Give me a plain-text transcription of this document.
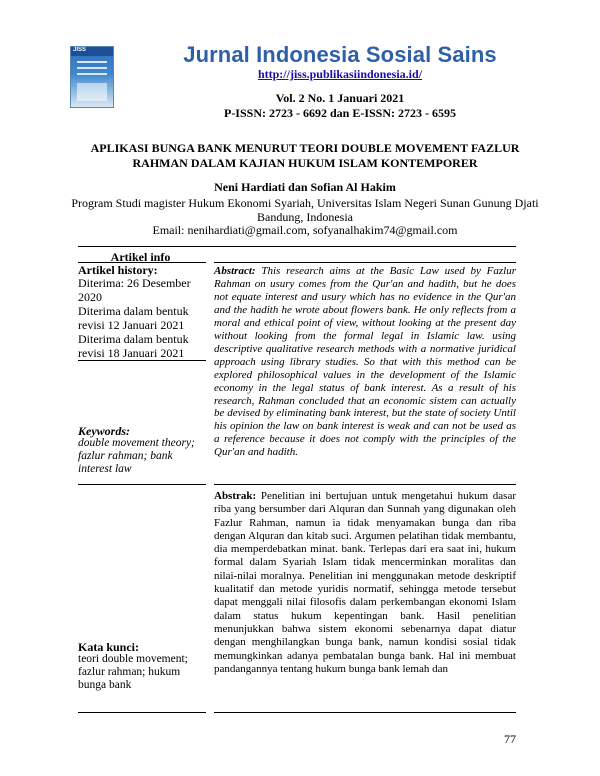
JISS	Jurnal Indonesia Sosial Sains
http://jiss.publikasiindonesia.id/
Vol. 2 No. 1 Januari 2021
P-ISSN: 2723 - 6692 dan E-ISSN: 2723 - 6595
APLIKASI BUNGA BANK MENURUT TEORI DOUBLE MOVEMENT FAZLUR
RAHMAN DALAM KAJIAN HUKUM ISLAM KONTEMPORER
Neni Hardiati dan Sofian Al Hakim
Program Studi magister Hukum Ekonomi Syariah, Universitas Islam Negeri Sunan Gunung Djati Bandung, Indonesia
Email: nenihardiati@gmail.com, sofyanalhakim74@gmail.com
Artikel info
Artikel history:
Diterima: 26 Desember 2020
Diterima dalam bentuk revisi 12 Januari 2021
Diterima dalam bentuk revisi 18 Januari 2021
Keywords:
double movement theory; fazlur rahman; bank interest law
Kata kunci:
teori double movement; fazlur rahman; hukum bunga bank
Abstract: This research aims at the Basic Law used by Fazlur Rahman on usury comes from the Qur'an and hadith, but he does not equate interest and usury which has no evidence in the Qur'an and the hadith he wrote about flowers bank. He only reflects from a moral and ethical point of view, without looking at the present day without looking from the formal legal in Islamic law. using descriptive qualitative research methods with a normative juridical approach using library studies. So that with this method can be explored philosophical values in the development of the Islamic economy in the legal status of bank interest. As a result of his research, Rahman concluded that an economic sistem can actually be devised by eliminating bank interest, but the state of society Until his opinion the law on bank interest is weak and can not be used as a reference because it does not comply with the principles of the Qur'an and hadith.
Abstrak: Penelitian ini bertujuan untuk mengetahui hukum dasar riba yang bersumber dari Alquran dan Sunnah yang digunakan oleh Fazlur Rahman, namun ia tidak menyamakan bunga dan riba dengan Alquran dan kitab suci. Argumen pelatihan tidak membantu, dia memperdebatkan minat. bank. Terlepas dari era saat ini, hukum formal dalam Syariah Islam tidak mencerminkan moralitas dan nilai-nilai moralnya. Penelitian ini menggunakan metode deskriptif kualitatif dan metode yuridis normatif, sehingga metode tersebut dapat menggali nilai filosofis dalam perkembangan ekonomi Islam dalam status hukum kepentingan bank. Hasil penelitian menunjukkan bahwa sistem ekonomi sebenarnya dapat diatur dengan menghilangkan bunga bank, namun kondisi sosial tidak memungkinkan adanya pembatalan bunga bank. Hal ini membuat pandangannya tentang hukum bunga bank lemah dan
77
